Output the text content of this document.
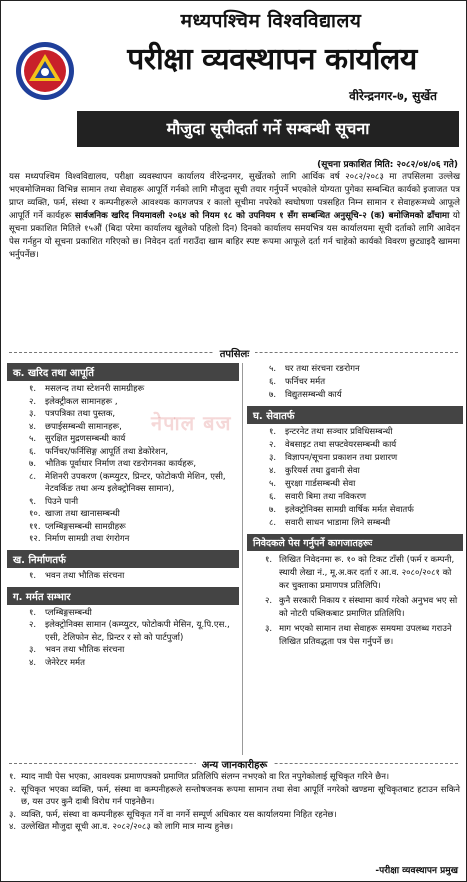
मध्यपश्चिम विश्वविद्यालय
परीक्षा व्यवस्थापन कार्यालय
वीरेन्द्रनगर-७, सुर्खेत
मौजुदा सूचीदर्ता गर्ने सम्बन्धी सूचना
(सूचना प्रकाशित मिति: २०८२/०४/०६ गते)

यस मध्यपश्चिम विश्वविद्यालय, परीक्षा व्यवस्थापन कार्यालय वीरेन्द्रनगर, सुर्खेतको लागि आर्थिक वर्ष २०८२/२०८३ मा तपसिलमा उल्लेख भएबमोजिमका विभिन्न सामान तथा सेवाहरू आपूर्ति गर्नको लागि मौजुदा सूची तयार गर्नुपर्ने भएकोले योग्यता पुगेका सम्बन्धित कार्यको इजाजत पत्र प्राप्त व्यक्ति, फर्म, संस्था र कम्पनीहरूले आवश्यक कागजपत्र र कालो सूचीमा नपरेको स्वघोषणा पत्रसहित निम्न सामान र सेवाहरूमध्ये आफूले आपूर्ति गर्ने कार्यहरू सार्वजनिक खरिद नियमावली २०६४ को नियम १८ को उपनियम १ सँग सम्बन्धित अनुसूचि-२ (क) बमोजिमको ढाँचामा यो सूचना प्रकाशित मितिले १५औं (बिदा परेमा कार्यालय खुलेको पहिलो दिन) दिनको कार्यालय समयभित्र यस कार्यालयमा सूची दर्ताको लागि आवेदन पेस गर्नहुन यो सूचना प्रकाशित गरिएको छ। निवेदन दर्ता गराउँदा खाम बाहिर स्पष्ट रूपमा आफूले दर्ता गर्न चाहेको कार्यको विवरण छुट्याइदै खाममा भर्नुपर्नेछ।

तपसिलः
नेपाल बज
क. खरिद तथा आपूर्ति
१. मसलन्द तथा स्टेशनरी सामग्रीहरू
२. इलेक्ट्रीकल सामानहरू ,
३. पत्रपत्रिका तथा पुस्तक,
४. छपाईसम्बन्धी सामानहरू,
५. सुरक्षित मुद्रणसम्बन्धी कार्य
६. फर्निचर/फर्निसिङ्ग आपूर्ति तथा डेकोरेशन,
७. भौतिक पूर्वाधार निर्माण तथा रङरोगनका कार्यहरू,
८. मेशिनरी उपकरण (कम्प्युटर, प्रिन्टर, फोटोकपी मेशिन, एसी, नेटवर्किङ तथा अन्य इलेक्ट्रोनिक्स सामान),
९. पिउने पानी
१०. खाजा तथा खानासम्बन्धी
११. प्लम्बिङ्गसम्बन्धी सामग्रीहरू
१२. निर्माण सामग्री तथा रंगरोगन
ख. निर्माणतर्फ
१. भवन तथा भौतिक संरचना
ग. मर्मत सम्भार
१. प्लम्बिङ्गसम्बन्धी
२. इलेक्ट्रोनिक्स सामान (कम्प्युटर, फोटोकपी मेसिन, यू.पि.एस., एसी, टेलिफोन सेट, प्रिन्टर र सो को पार्टपुर्जा)
३. भवन तथा भौतिक संरचना
४. जेनेरेटर मर्मत
५. घर तथा संरचना रङरोगन
६. फर्निचर मर्मत
७. विद्युतसम्बन्धी कार्य
घ. सेवातर्फ
१. इन्टरनेट तथा सञ्चार प्रविधिसम्बन्धी
२. वेबसाइट तथा सफ्टवेयरसम्बन्धी कार्य
३. विज्ञापन/सूचना प्रकाशन तथा प्रशारण
४. कुरियर्स तथा ढुवानी सेवा
५. सुरक्षा गार्डसम्बन्धी सेवा
६. सवारी बिमा तथा नविकरण
७. इलेक्ट्रोनिक्स सामग्री वार्षिक मर्मत सेवातर्फ
८. सवारी साधन भाडामा लिने सम्बन्धी
निवेदकले पेस गर्नुपर्ने कागजातहरूः
१. लिखित निवेदनमा रू. १० को टिकट टाँसी (फर्म र कम्पनी, स्थायी लेखा नं., मू.अ.कर दर्ता र आ.व. २०८०/२०८१ को कर चुक्ताका प्रमाणपत्र प्रतिलिपि।
२. कुनै सरकारी निकाय र संस्थामा कार्य गरेको अनुभव भए सो को नोटरी पब्लिकबाट प्रमाणित प्रतिलिपि।
३. माग भएको सामान तथा सेवाहरू समयमा उपलब्ध गराउने लिखित प्रतिवद्धता पत्र पेस गर्नुपर्ने छ।
अन्य जानकारीहरू
१. म्याद नाघी पेस भएका, आवश्यक प्रमाणपत्रको प्रमाणित प्रतिलिपि संलग्न नभएको वा रित नपुगेकोलाई सूचिकृत गरिने छैन।
२. सूचिकृत भएका व्यक्ति, फर्म, संस्था वा कम्पनीहरूले सन्तोषजनक रूपमा सामान तथा सेवा आपूर्ति नगरेको खण्डमा सूचिकृतबाट हटाउन सकिने छ, यस उपर कुनै दाबी विरोध गर्न पाइनेछैन।
३. व्यक्ति, फर्म, संस्था वा कम्पनीहरू सूचिकृत गर्ने वा नगर्ने सम्पूर्ण अधिकार यस कार्यालयमा निहित रहनेछ।
४. उल्लेखित मौजुदा सूची आ.व. २०८२/२०८३ को लागि मात्र मान्य हुनेछ।
-परीक्षा व्यवस्थापन प्रमुख
